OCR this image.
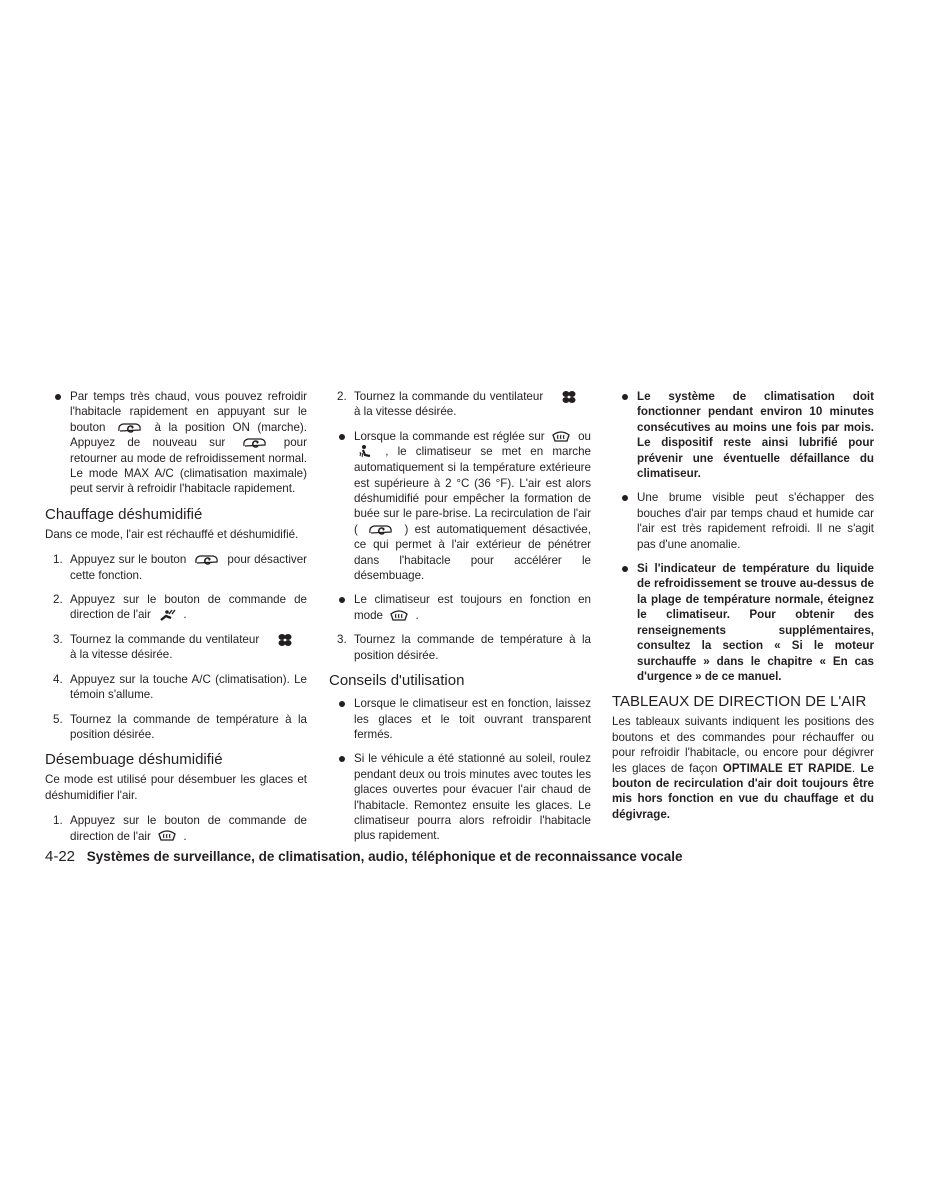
Par temps très chaud, vous pouvez refroidir l'habitacle rapidement en appuyant sur le bouton	à la position ON (marche). Appuyez de nouveau sur	pour retourner au mode de refroidissement normal. Le mode MAX A/C (climatisation maximale) peut servir à refroidir l'habitacle rapidement.

Chauffage déshumidifié

Dans ce mode, l'air est réchauffé et déshumidifié.

1. Appuyez sur le bouton	pour désactiver cette fonction.

2. Appuyez sur le bouton de commande de direction de l'air	.

3. Tournez la commande du ventilateur
à la vitesse désirée.

4. Appuyez sur la touche A/C (climatisation). Le témoin s'allume.

5. Tournez la commande de température à la position désirée.

Désembuage déshumidifié

Ce mode est utilisé pour désembuer les glaces et déshumidifier l'air.

1. Appuyez sur le bouton de commande de direction de l'air	.

2. Tournez la commande du ventilateur
à la vitesse désirée.

Lorsque la commande est réglée sur	ou
, le climatiseur se met en marche automatiquement si la température extérieure est supérieure à 2 °C (36 °F). L'air est alors déshumidifié pour empêcher la formation de buée sur le pare-brise. La recirculation de l'air (	) est automatiquement désactivée, ce qui permet à l'air extérieur de pénétrer dans l'habitacle pour accélérer le désembuage.

Le climatiseur est toujours en fonction en mode	.

3. Tournez la commande de température à la position désirée.

Conseils d'utilisation

Lorsque le climatiseur est en fonction, laissez les glaces et le toit ouvrant transparent fermés.

Si le véhicule a été stationné au soleil, roulez pendant deux ou trois minutes avec toutes les glaces ouvertes pour évacuer l'air chaud de l'habitacle. Remontez ensuite les glaces. Le climatiseur pourra alors refroidir l'habitacle plus rapidement.

Le système de climatisation doit fonctionner pendant environ 10 minutes consécutives au moins une fois par mois. Le dispositif reste ainsi lubrifié pour prévenir une éventuelle défaillance du climatiseur.

Une brume visible peut s'échapper des bouches d'air par temps chaud et humide car l'air est très rapidement refroidi. Il ne s'agit pas d'une anomalie.

Si l'indicateur de température du liquide de refroidissement se trouve au-dessus de la plage de température normale, éteignez le climatiseur. Pour obtenir des renseignements supplémentaires, consultez la section « Si le moteur surchauffe » dans le chapitre « En cas d'urgence » de ce manuel.

TABLEAUX DE DIRECTION DE L'AIR

Les tableaux suivants indiquent les positions des boutons et des commandes pour réchauffer ou pour refroidir l'habitacle, ou encore pour dégivrer les glaces de façon OPTIMALE ET RAPIDE. Le bouton de recirculation d'air doit toujours être mis hors fonction en vue du chauffage et du dégivrage.

4-22 Systèmes de surveillance, de climatisation, audio, téléphonique et de reconnaissance vocale
